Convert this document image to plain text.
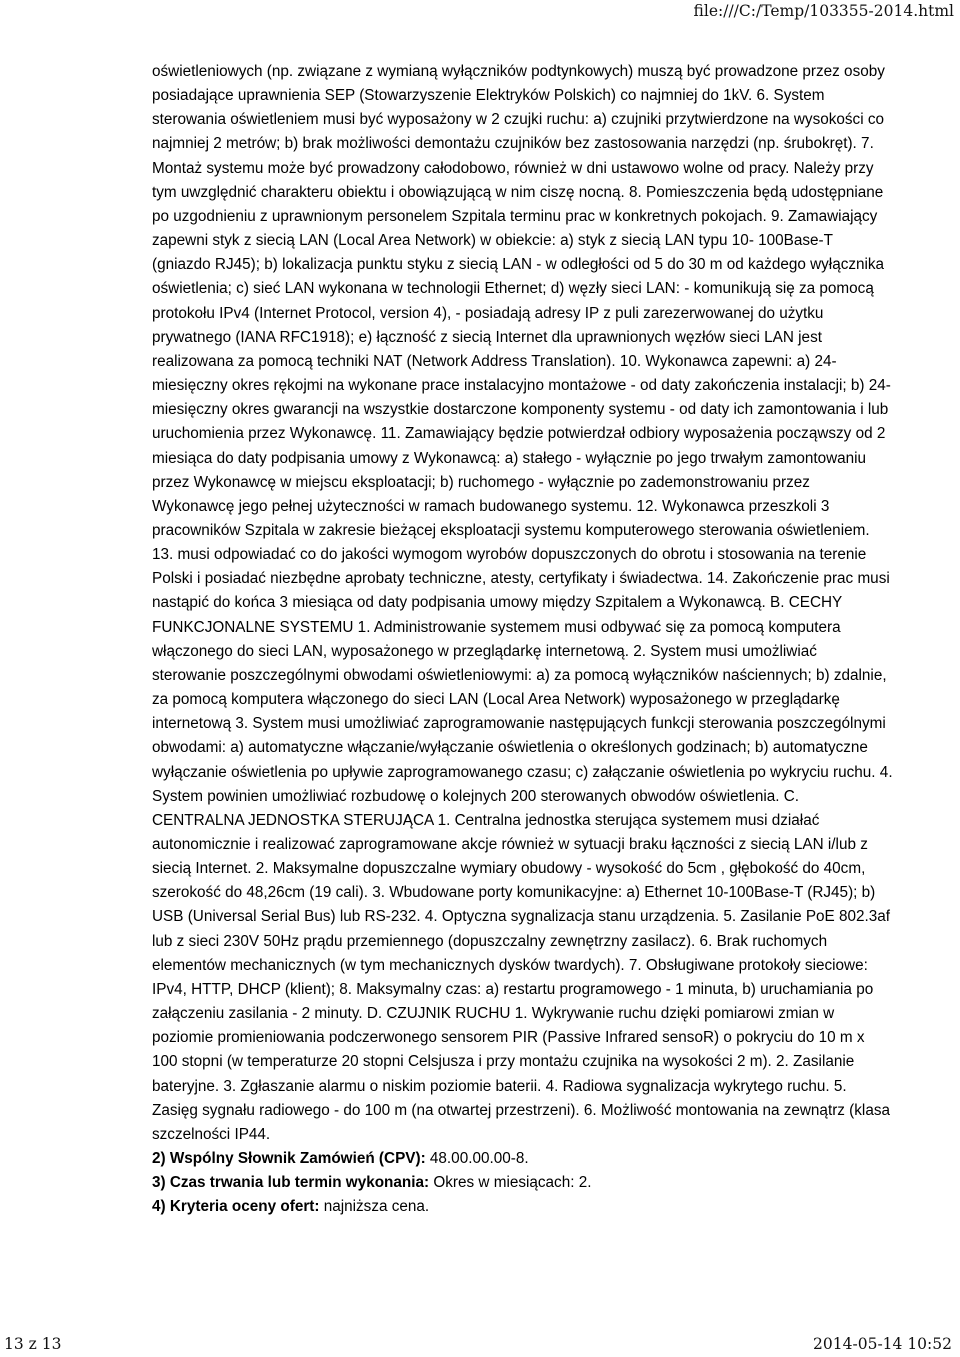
file:///C:/Temp/103355-2014.html

oświetleniowych (np. związane z wymianą wyłączników podtynkowych) muszą być prowadzone przez osoby posiadające uprawnienia SEP (Stowarzyszenie Elektryków Polskich) co najmniej do 1kV. 6. System sterowania oświetleniem musi być wyposażony w 2 czujki ruchu: a) czujniki przytwierdzone na wysokości co najmniej 2 metrów; b) brak możliwości demontażu czujników bez zastosowania narzędzi (np. śrubokręt). 7. Montaż systemu może być prowadzony całodobowo, również w dni ustawowo wolne od pracy. Należy przy tym uwzględnić charakteru obiektu i obowiązującą w nim ciszę nocną. 8. Pomieszczenia będą udostępniane po uzgodnieniu z uprawnionym personelem Szpitala terminu prac w konkretnych pokojach. 9. Zamawiający zapewni styk z siecią LAN (Local Area Network) w obiekcie: a) styk z siecią LAN typu 10- 100Base-T (gniazdo RJ45); b) lokalizacja punktu styku z siecią LAN - w odległości od 5 do 30 m od każdego wyłącznika oświetlenia; c) sieć LAN wykonana w technologii Ethernet; d) węzły sieci LAN: - komunikują się za pomocą protokołu IPv4 (Internet Protocol, version 4), - posiadają adresy IP z puli zarezerwowanej do użytku prywatnego (IANA RFC1918); e) łączność z siecią Internet dla uprawnionych węzłów sieci LAN jest realizowana za pomocą techniki NAT (Network Address Translation). 10. Wykonawca zapewni: a) 24-miesięczny okres rękojmi na wykonane prace instalacyjno montażowe - od daty zakończenia instalacji; b) 24-miesięczny okres gwarancji na wszystkie dostarczone komponenty systemu - od daty ich zamontowania i lub uruchomienia przez Wykonawcę. 11. Zamawiający będzie potwierdzał odbiory wyposażenia począwszy od 2 miesiąca do daty podpisania umowy z Wykonawcą: a) stałego - wyłącznie po jego trwałym zamontowaniu przez Wykonawcę w miejscu eksploatacji; b) ruchomego - wyłącznie po zademonstrowaniu przez Wykonawcę jego pełnej użyteczności w ramach budowanego systemu. 12. Wykonawca przeszkoli 3 pracowników Szpitala w zakresie bieżącej eksploatacji systemu komputerowego sterowania oświetleniem. 13. musi odpowiadać co do jakości wymogom wyrobów dopuszczonych do obrotu i stosowania na terenie Polski i posiadać niezbędne aprobaty techniczne, atesty, certyfikaty i świadectwa. 14. Zakończenie prac musi nastąpić do końca 3 miesiąca od daty podpisania umowy między Szpitalem a Wykonawcą. B. CECHY FUNKCJONALNE SYSTEMU 1. Administrowanie systemem musi odbywać się za pomocą komputera włączonego do sieci LAN, wyposażonego w przeglądarkę internetową. 2. System musi umożliwiać sterowanie poszczególnymi obwodami oświetleniowymi: a) za pomocą wyłączników naściennych; b) zdalnie, za pomocą komputera włączonego do sieci LAN (Local Area Network) wyposażonego w przeglądarkę internetową 3. System musi umożliwiać zaprogramowanie następujących funkcji sterowania poszczególnymi obwodami: a) automatyczne włączanie/wyłączanie oświetlenia o określonych godzinach; b) automatyczne wyłączanie oświetlenia po upływie zaprogramowanego czasu; c) załączanie oświetlenia po wykryciu ruchu. 4. System powinien umożliwiać rozbudowę o kolejnych 200 sterowanych obwodów oświetlenia. C. CENTRALNA JEDNOSTKA STERUJĄCA 1. Centralna jednostka sterująca systemem musi działać autonomicznie i realizować zaprogramowane akcje również w sytuacji braku łączności z siecią LAN i/lub z siecią Internet. 2. Maksymalne dopuszczalne wymiary obudowy - wysokość do 5cm , głębokość do 40cm, szerokość do 48,26cm (19 cali). 3. Wbudowane porty komunikacyjne: a) Ethernet 10-100Base-T (RJ45); b) USB (Universal Serial Bus) lub RS-232. 4. Optyczna sygnalizacja stanu urządzenia. 5. Zasilanie PoE 802.3af lub z sieci 230V 50Hz prądu przemiennego (dopuszczalny zewnętrzny zasilacz). 6. Brak ruchomych elementów mechanicznych (w tym mechanicznych dysków twardych). 7. Obsługiwane protokoły sieciowe: IPv4, HTTP, DHCP (klient); 8. Maksymalny czas: a) restartu programowego - 1 minuta, b) uruchamiania po załączeniu zasilania - 2 minuty. D. CZUJNIK RUCHU 1. Wykrywanie ruchu dzięki pomiarowi zmian w poziomie promieniowania podczerwonego sensorem PIR (Passive Infrared sensoR) o pokryciu do 10 m x 100 stopni (w temperaturze 20 stopni Celsjusza i przy montażu czujnika na wysokości 2 m). 2. Zasilanie bateryjne. 3. Zgłaszanie alarmu o niskim poziomie baterii. 4. Radiowa sygnalizacja wykrytego ruchu. 5. Zasięg sygnału radiowego - do 100 m (na otwartej przestrzeni). 6. Możliwość montowania na zewnątrz (klasa szczelności IP44.

2) Wspólny Słownik Zamówień (CPV): 48.00.00.00-8.

3) Czas trwania lub termin wykonania: Okres w miesiącach: 2.

4) Kryteria oceny ofert: najniższa cena.

13 z 13	2014-05-14 10:52
